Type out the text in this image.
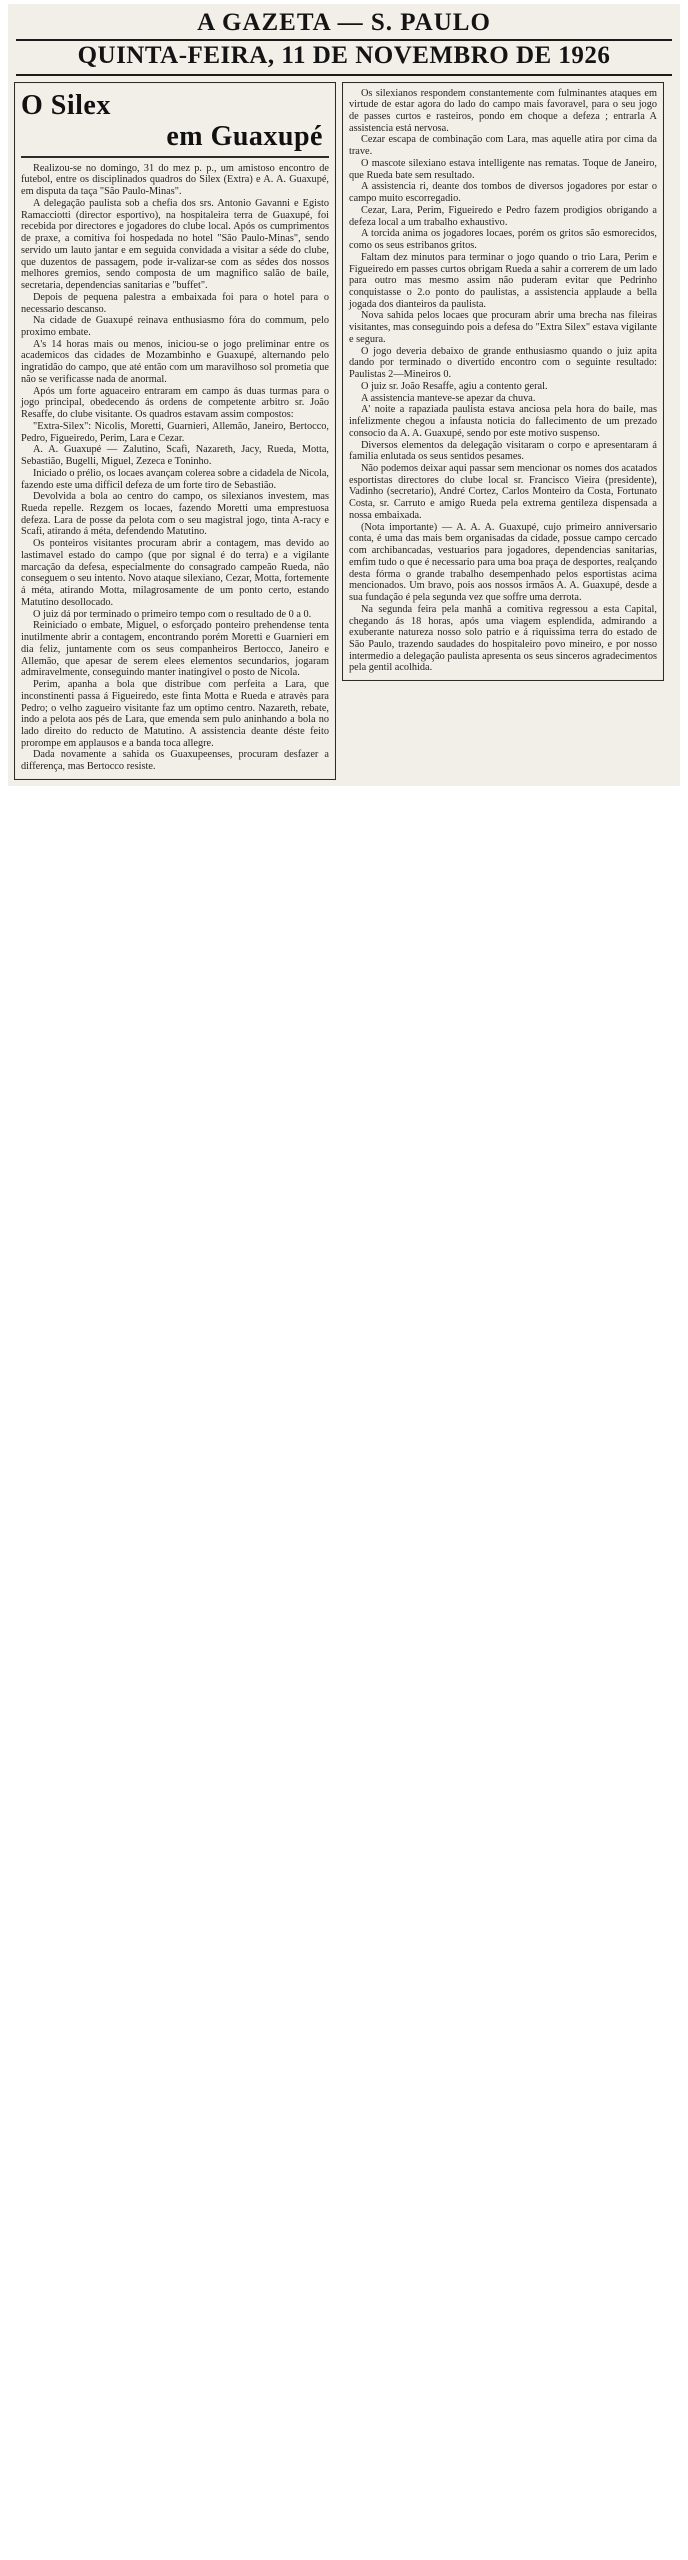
A GAZETA — S. PAULO
QUINTA-FEIRA, 11 DE NOVEMBRO DE 1926
O Silex
em Guaxupé

Realizou-se no domingo, 31 do mez p. p., um amistoso encontro de futebol, entre os disciplinados quadros do Silex (Extra) e A. A. Guaxupé, em disputa da taça "São Paulo-Minas".

A delegação paulista sob a chefia dos srs. Antonio Gavanni e Egisto Ramacciotti (director esportivo), na hospitaleira terra de Guaxupé, foi recebida por directores e jogadores do clube local. Após os cumprimentos de praxe, a comitiva foi hospedada no hotel "São Paulo-Minas", sendo servido um lauto jantar e em seguida convidada a visitar a séde do clube, que duzentos de passagem, pode ir-valizar-se com as sédes dos nossos melhores gremios, sendo composta de um magnifico salão de baile, secretaria, dependencias sanitarias e "buffet".

Depois de pequena palestra a embaixada foi para o hotel para o necessario descanso.

Na cidade de Guaxupé reinava enthusiasmo fóra do commum, pelo proximo embate.

A's 14 horas mais ou menos, iniciou-se o jogo preliminar entre os academicos das cidades de Mozambinho e Guaxupé, alternando pelo ingratidão do campo, que até então com um maravilhoso sol prometia que não se verificasse nada de anormal.

Após um forte aguaceiro entraram em campo ás duas turmas para o jogo principal, obedecendo ás ordens de competente arbitro sr. João Resaffe, do clube visitante. Os quadros estavam assim compostos:

"Extra-Silex": Nicolis, Moretti, Guarnieri, Allemão, Janeiro, Bertocco, Pedro, Figueiredo, Perim, Lara e Cezar.

A. A. Guaxupé — Zalutino, Scafi, Nazareth, Jacy, Rueda, Motta, Sebastião, Bugelli, Miguel, Zezeca e Toninho.

Iniciado o prélio, os locaes avançam colerea sobre a cidadela de Nicola, fazendo este uma difficil defeza de um forte tiro de Sebastião.

Devolvida a bola ao centro do campo, os silexianos investem, mas Rueda repelle. Rezgem os locaes, fazendo Moretti uma emprestuosa defeza. Lara de posse da pelota com o seu magistral jogo, tinta A-racy e Scafi, atirando á méta, defendendo Matutino.

Os ponteiros visitantes procuram abrir a contagem, mas devido ao lastimavel estado do campo (que por signal é do terra) e a vigilante marcação da defesa, especialmente do consagrado campeão Rueda, não conseguem o seu intento. Novo ataque silexiano, Cezar, Motta, fortemente á méta, atirando Motta, milagrosamente de um ponto certo, estando Matutino desollocado.

O juiz dá por terminado o primeiro tempo com o resultado de 0 a 0.

Reiniciado o embate, Miguel, o esforçado ponteiro prehendense tenta inutilmente abrir a contagem, encontrando porém Moretti e Guarnieri em dia feliz, juntamente com os seus companheiros Bertocco, Janeiro e Allemão, que apesar de serem elees elementos secundarios, jogaram admiravelmente, conseguindo manter inatingivel o posto de Nicola.

Perim, apanha a bola que distribue com perfeita a Lara, que inconstinenti passa á Figueiredo, este finta Motta e Rueda e atravès para Pedro; o velho zagueiro visitante faz um optimo centro. Nazareth, rebate, indo a pelota aos pés de Lara, que emenda sem pulo aninhando a bola no lado direito do reducto de Matutino. A assistencia deante déste feito prorompe em applausos e a banda toca allegre.

Dada novamente a sahida os Guaxupeenses, procuram desfazer a differença, mas Bertocco resiste.

Os silexianos respondem constantemente com fulminantes ataques em virtude de estar agora do lado do campo mais favoravel, para o seu jogo de passes curtos e rasteiros, pondo em choque a defeza ; entrarla A assistencia está nervosa.

Cezar escapa de combinação com Lara, mas aquelle atira por cima da trave.

O mascote silexiano estava intelligente nas rematas. Toque de Janeiro, que Rueda bate sem resultado.

A assistencia ri, deante dos tombos de diversos jogadores por estar o campo muito escorregadio.

Cezar, Lara, Perim, Figueiredo e Pedro fazem prodigios obrigando a defeza local a um trabalho exhaustivo.

A torcida anima os jogadores locaes, porém os gritos são esmorecidos, como os seus estribanos gritos.

Faltam dez minutos para terminar o jogo quando o trio Lara, Perim e Figueiredo em passes curtos obrigam Rueda a sahir a correrem de um lado para outro mas mesmo assim não puderam evitar que Pedrinho conquistasse o 2.o ponto do paulistas, a assistencia applaude a bella jogada dos dianteiros da paulista.

Nova sahida pelos locaes que procuram abrir uma brecha nas fileiras visitantes, mas conseguindo pois a defesa do "Extra Silex" estava vigilante e segura.

O jogo deveria debaixo de grande enthusiasmo quando o juiz apita dando por terminado o divertido encontro com o seguinte resultado: Paulistas 2—Mineiros 0.

O juiz sr. João Resaffe, agiu a contento geral.

A assistencia manteve-se apezar da chuva.

A' noite a rapaziada paulista estava anciosa pela hora do baile, mas infelizmente chegou a infausta noticia do fallecimento de um prezado consocio da A. A. Guaxupé, sendo por este motivo suspenso.

Diversos elementos da delegação visitaram o corpo e apresentaram á familia enlutada os seus sentidos pesames.

Não podemos deixar aqui passar sem mencionar os nomes dos acatados esportistas directores do clube local sr. Francisco Vieira (presidente), Vadinho (secretario), André Cortez, Carlos Monteiro da Costa, Fortunato Costa, sr. Carruto e amigo Rueda pela extrema gentileza dispensada a nossa embaixada.

(Nota importante) — A. A. A. Guaxupé, cujo primeiro anniversario conta, é uma das mais bem organisadas da cidade, possue campo cercado com archibancadas, vestuarios para jogadores, dependencias sanitarias, emfim tudo o que é necessario para uma boa praça de desportes, realçando desta fórma o grande trabalho desempenhado pelos esportistas acima mencionados. Um bravo, pois aos nossos irmãos A. A. Guaxupé, desde a sua fundação é pela segunda vez que soffre uma derrota.

Na segunda feira pela manhã a comitiva regressou a esta Capital, chegando ás 18 horas, após uma viagem esplendida, admirando a exuberante natureza nosso solo patrio e á riquissima terra do estado de São Paulo, trazendo saudades do hospitaleiro povo mineiro, e por nosso intermedio a delegação paulista apresenta os seus sinceros agradecimentos pela gentil acolhida.
